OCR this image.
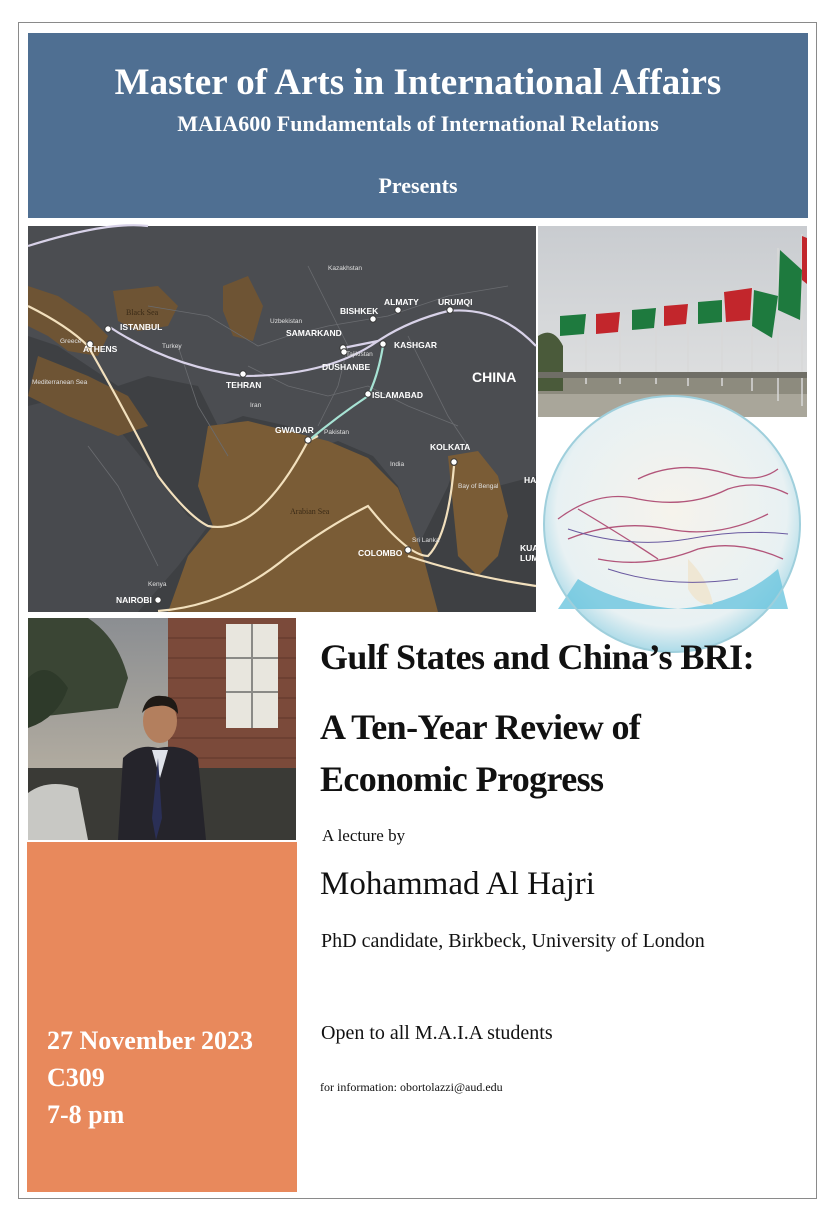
Master of Arts in International Affairs
MAIA600 Fundamentals of International Relations
Presents
ISTANBUL
ATHENS
BISHKEK
ALMATY URUMQI
SAMARKAND
DUSHANBE
KASHGAR
TEHRAN
ISLAMABAD
GWADAR
KOLKATA
COLOMBO
NAIROBI
Kazakhstan
Uzbekistan
Black Sea
Greece
Turkey
Tajikistan
Iran
Pakistan
India
Sri Lanka
Kenya
Bay of Bengal
Mediterranean Sea	CHINA
Arabian Sea
HA
KUA
LUM
27 November 2023
C309
7-8 pm
Gulf States and China’s BRI:
A Ten-Year Review of
Economic Progress
A lecture by
Mohammad Al Hajri
PhD candidate, Birkbeck, University of London
Open to all M.A.I.A students
for information: obortolazzi@aud.edu
